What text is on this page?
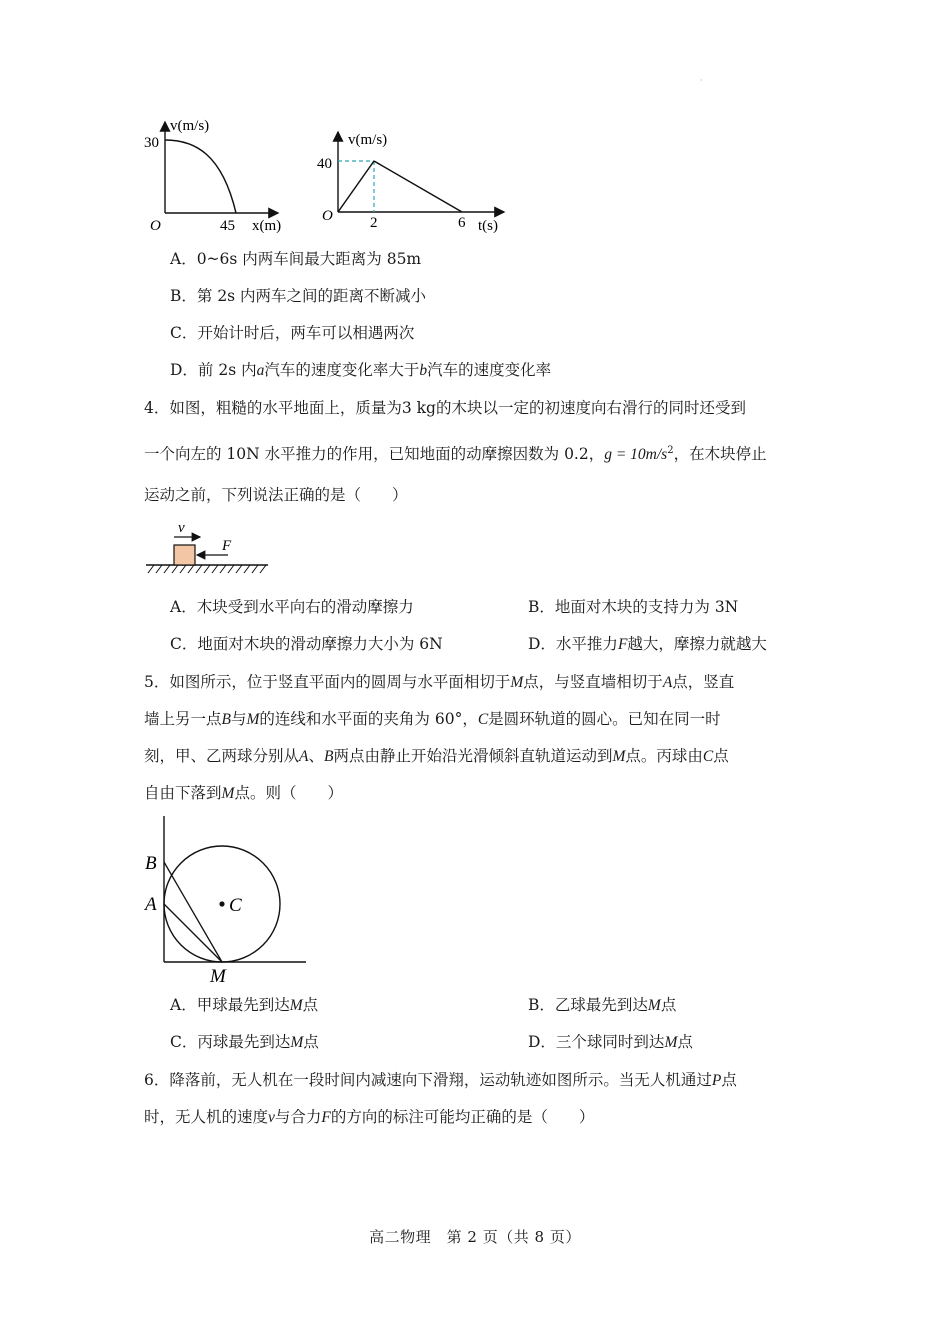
·
v(m/s)
30
O	45 x(m)
v(m/s)
40
O 2	6 t(s)
A．0~6s 内两车间最大距离为 85m
B．第 2s 内两车之间的距离不断减小
C．开始计时后，两车可以相遇两次
D．前 2s 内a汽车的速度变化率大于b汽车的速度变化率
4．如图，粗糙的水平地面上，质量为3 kg的木块以一定的初速度向右滑行的同时还受到
一个向左的 10N 水平推力的作用，已知地面的动摩擦因数为 0.2，$g = 10m/s^2$，在木块停止
运动之前，下列说法正确的是（　　）
v
F
A．木块受到水平向右的滑动摩擦力	B．地面对木块的支持力为 3N
C．地面对木块的滑动摩擦力大小为 6N	D．水平推力F越大，摩擦力就越大
5．如图所示，位于竖直平面内的圆周与水平面相切于M点，与竖直墙相切于A点，竖直
墙上另一点B与M的连线和水平面的夹角为 60°，C是圆环轨道的圆心。已知在同一时
刻，甲、乙两球分别从A、B两点由静止开始沿光滑倾斜直轨道运动到M点。丙球由C点
自由下落到M点。则（　　）
B
A	C
M
A．甲球最先到达M点	B．乙球最先到达M点
C．丙球最先到达M点	D．三个球同时到达M点
6．降落前，无人机在一段时间内减速向下滑翔，运动轨迹如图所示。当无人机通过P点
时，无人机的速度v与合力F的方向的标注可能均正确的是（　　）
高二物理　第 2 页（共 8 页）
